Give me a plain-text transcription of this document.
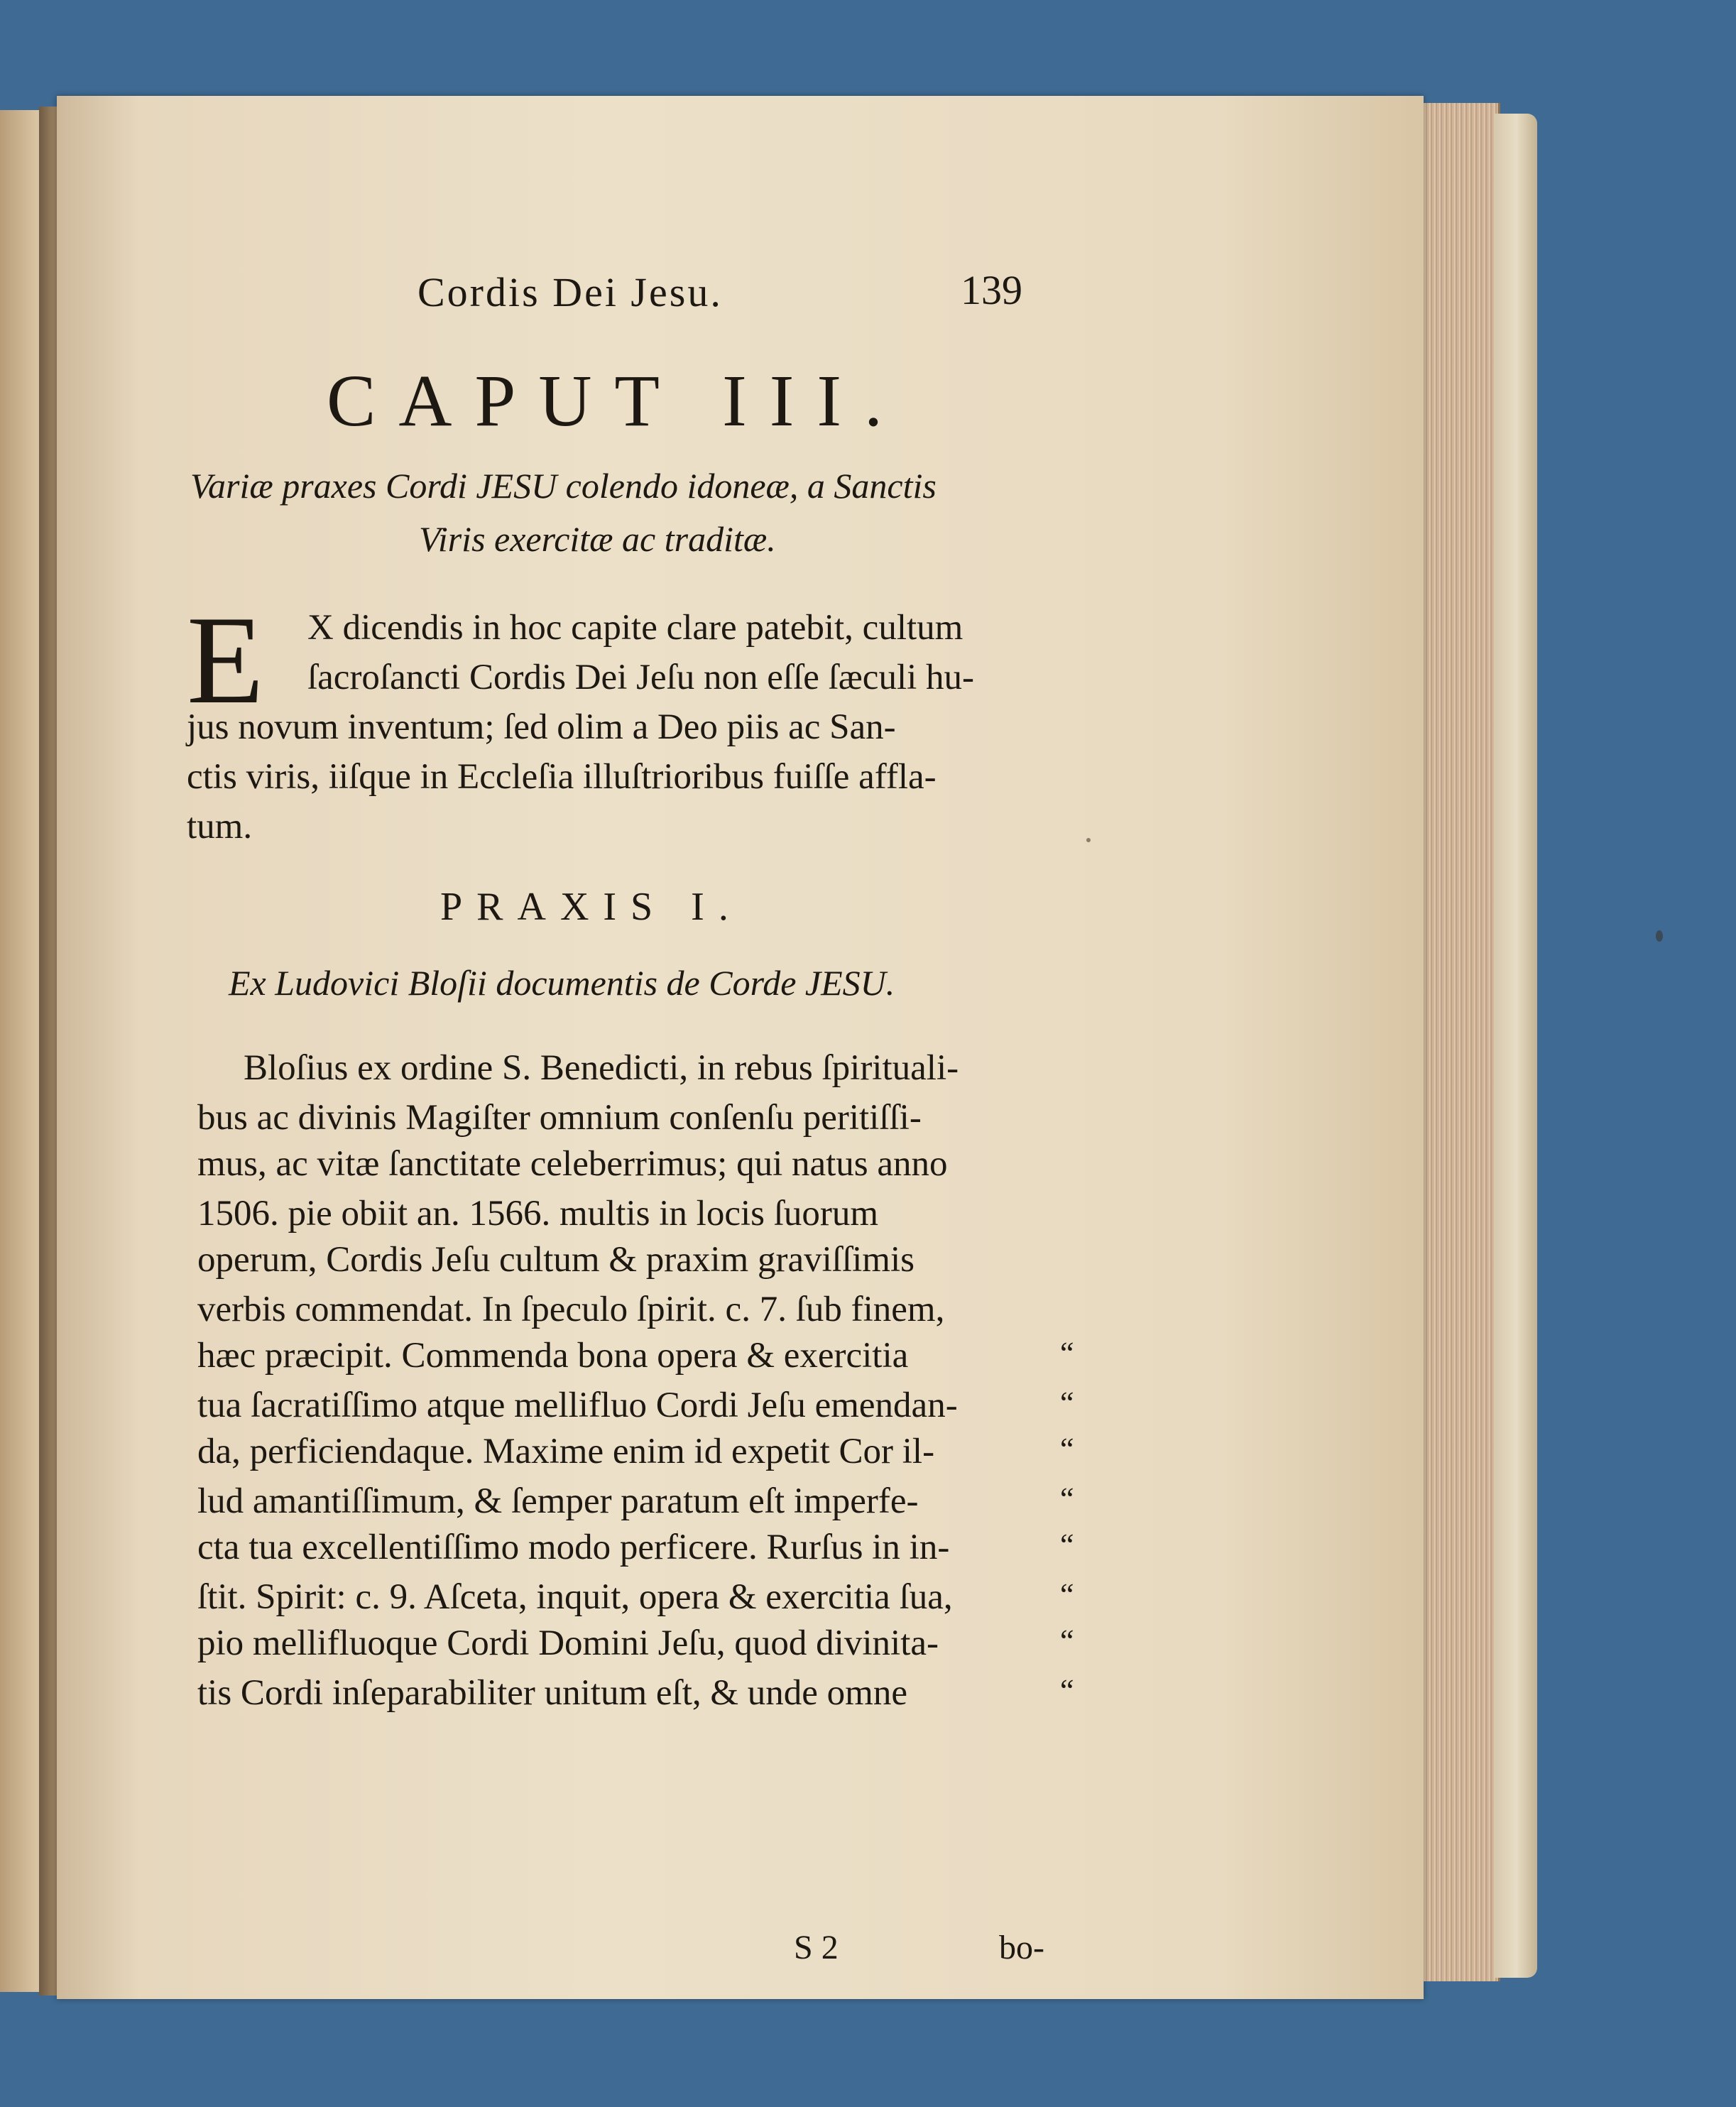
Cordis Dei Jesu.	139
CAPUT III.
Variæ praxes Cordi JESU colendo idoneæ, a Sanctis
Viris exercitæ ac traditæ.
E X dicendis in hoc capite clare patebit, cultum
ſacroſancti Cordis Dei Jeſu non eſſe ſæculi hu-
jus novum inventum; ſed olim a Deo piis ac San-
ctis viris, iiſque in Eccleſia illuſtrioribus fuiſſe affla-
tum.
PRAXIS I.
Ex Ludovici Bloſii documentis de Corde JESU.
Bloſius ex ordine S. Benedicti, in rebus ſpirituali-
bus ac divinis Magiſter omnium conſenſu peritiſſi-
mus, ac vitæ ſanctitate celeberrimus; qui natus anno
1506. pie obiit an. 1566. multis in locis ſuorum
operum, Cordis Jeſu cultum & praxim graviſſimis
verbis commendat. In ſpeculo ſpirit. c. 7. ſub finem,
hæc præcipit. Commenda bona opera & exercitia
tua ſacratiſſimo atque mellifluo Cordi Jeſu emendan-
da, perficiendaque. Maxime enim id expetit Cor il-
lud amantiſſimum, & ſemper paratum eſt imperfe-
cta tua excellentiſſimo modo perficere. Rurſus in in-
ſtit. Spirit: c. 9. Aſceta, inquit, opera & exercitia ſua,
pio mellifluoque Cordi Domini Jeſu, quod divinita-
tis Cordi inſeparabiliter unitum eſt, & unde omne
“
“
“
“
“
“
“
“
S 2	bo-
